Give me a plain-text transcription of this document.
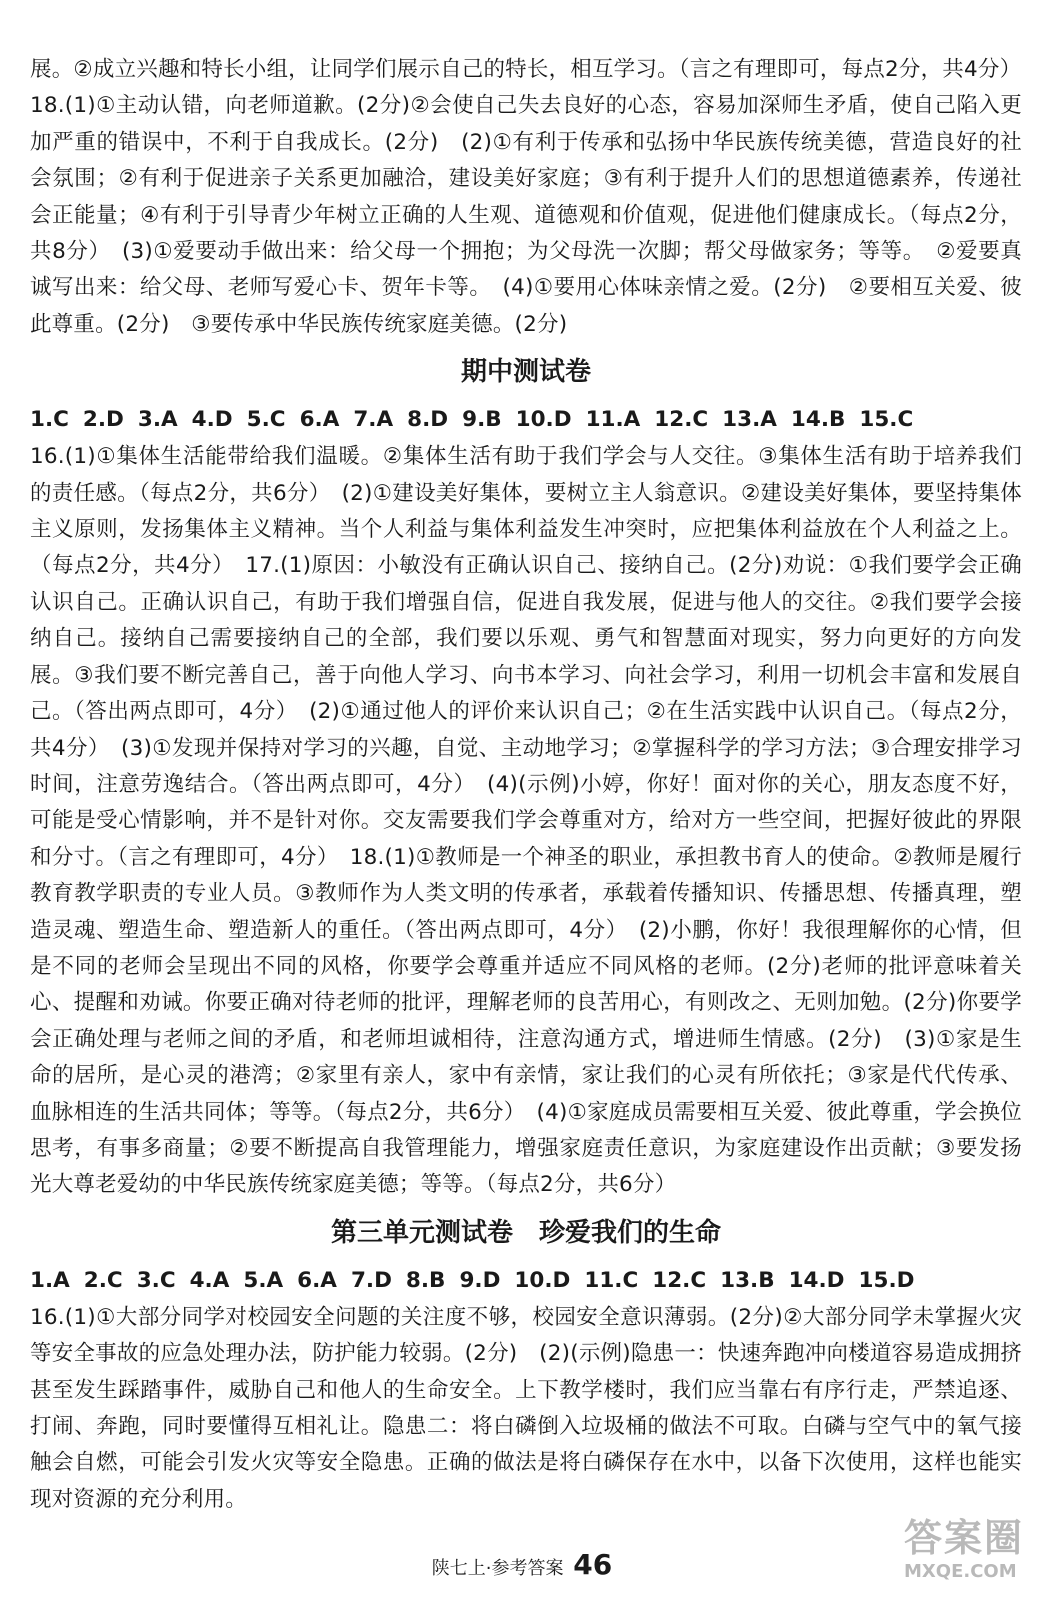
展。②成立兴趣和特长小组，让同学们展示自己的特长，相互学习。（言之有理即可，每点2分，共4分）

18.(1)①主动认错，向老师道歉。(2分)②会使自己失去良好的心态，容易加深师生矛盾，使自己陷入更加严重的错误中，不利于自我成长。(2分)　(2)①有利于传承和弘扬中华民族传统美德，营造良好的社会氛围；②有利于促进亲子关系更加融洽，建设美好家庭；③有利于提升人们的思想道德素养，传递社会正能量；④有利于引导青少年树立正确的人生观、道德观和价值观，促进他们健康成长。（每点2分，共8分）　(3)①爱要动手做出来：给父母一个拥抱；为父母洗一次脚；帮父母做家务；等等。　②爱要真诚写出来：给父母、老师写爱心卡、贺年卡等。　(4)①要用心体味亲情之爱。(2分)　②要相互关爱、彼此尊重。(2分)　③要传承中华民族传统家庭美德。(2分)

期中测试卷

1.C 2.D 3.A 4.D 5.C 6.A 7.A 8.D 9.B 10.D 11.A 12.C 13.A 14.B 15.C

16.(1)①集体生活能带给我们温暖。②集体生活有助于我们学会与人交往。③集体生活有助于培养我们的责任感。（每点2分，共6分）　(2)①建设美好集体，要树立主人翁意识。②建设美好集体，要坚持集体主义原则，发扬集体主义精神。当个人利益与集体利益发生冲突时，应把集体利益放在个人利益之上。（每点2分，共4分）　17.(1)原因：小敏没有正确认识自己、接纳自己。(2分)劝说：①我们要学会正确认识自己。正确认识自己，有助于我们增强自信，促进自我发展，促进与他人的交往。②我们要学会接纳自己。接纳自己需要接纳自己的全部，我们要以乐观、勇气和智慧面对现实，努力向更好的方向发展。③我们要不断完善自己，善于向他人学习、向书本学习、向社会学习，利用一切机会丰富和发展自己。（答出两点即可，4分）　(2)①通过他人的评价来认识自己；②在生活实践中认识自己。（每点2分，共4分）　(3)①发现并保持对学习的兴趣，自觉、主动地学习；②掌握科学的学习方法；③合理安排学习时间，注意劳逸结合。（答出两点即可，4分）　(4)(示例)小婷，你好！面对你的关心，朋友态度不好，可能是受心情影响，并不是针对你。交友需要我们学会尊重对方，给对方一些空间，把握好彼此的界限和分寸。（言之有理即可，4分）　18.(1)①教师是一个神圣的职业，承担教书育人的使命。②教师是履行教育教学职责的专业人员。③教师作为人类文明的传承者，承载着传播知识、传播思想、传播真理，塑造灵魂、塑造生命、塑造新人的重任。（答出两点即可，4分）　(2)小鹏，你好！我很理解你的心情，但是不同的老师会呈现出不同的风格，你要学会尊重并适应不同风格的老师。(2分)老师的批评意味着关心、提醒和劝诫。你要正确对待老师的批评，理解老师的良苦用心，有则改之、无则加勉。(2分)你要学会正确处理与老师之间的矛盾，和老师坦诚相待，注意沟通方式，增进师生情感。(2分)　(3)①家是生命的居所，是心灵的港湾；②家里有亲人，家中有亲情，家让我们的心灵有所依托；③家是代代传承、血脉相连的生活共同体；等等。（每点2分，共6分）　(4)①家庭成员需要相互关爱、彼此尊重，学会换位思考，有事多商量；②要不断提高自我管理能力，增强家庭责任意识，为家庭建设作出贡献；③要发扬光大尊老爱幼的中华民族传统家庭美德；等等。（每点2分，共6分）

第三单元测试卷　珍爱我们的生命

1.A 2.C 3.C 4.A 5.A 6.A 7.D 8.B 9.D 10.D 11.C 12.C 13.B 14.D 15.D

16.(1)①大部分同学对校园安全问题的关注度不够，校园安全意识薄弱。(2分)②大部分同学未掌握火灾等安全事故的应急处理办法，防护能力较弱。(2分)　(2)(示例)隐患一：快速奔跑冲向楼道容易造成拥挤甚至发生踩踏事件，威胁自己和他人的生命安全。上下教学楼时，我们应当靠右有序行走，严禁追逐、打闹、奔跑，同时要懂得互相礼让。隐患二：将白磷倒入垃圾桶的做法不可取。白磷与空气中的氧气接触会自燃，可能会引发火灾等安全隐患。正确的做法是将白磷保存在水中，以备下次使用，这样也能实现对资源的充分利用。

陕七上·参考答案 46
答案圈
MXQE.COM
